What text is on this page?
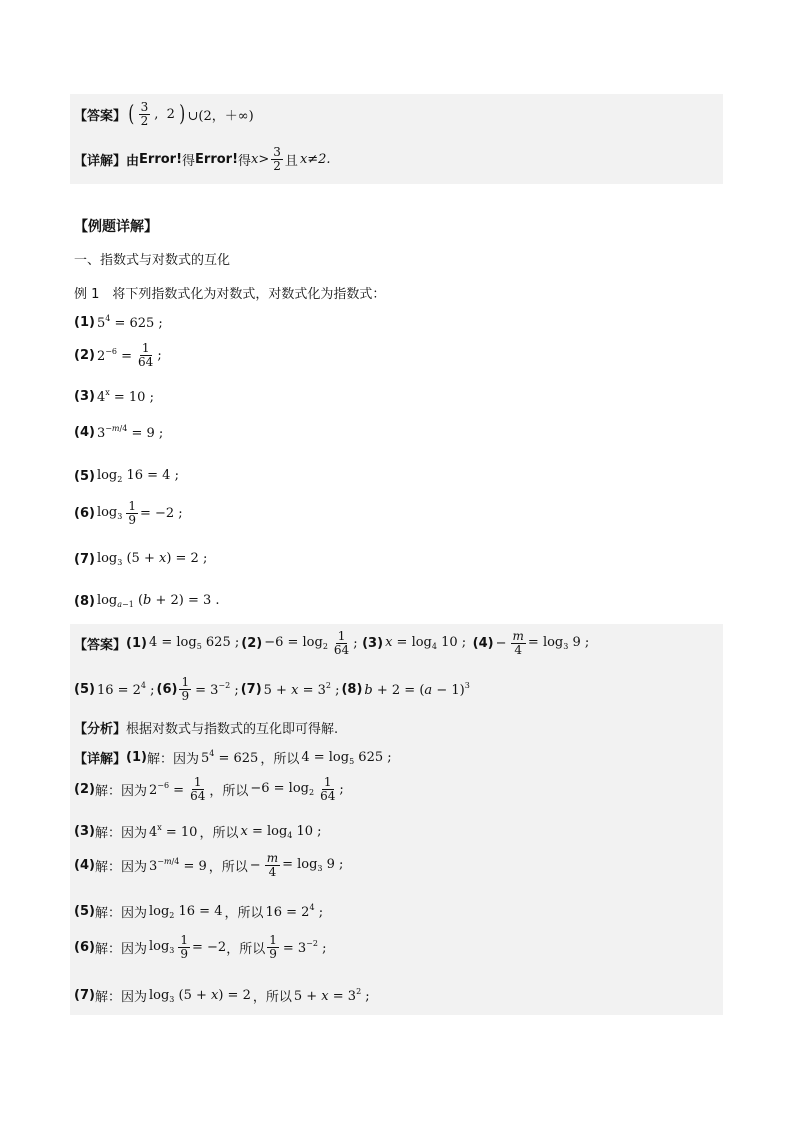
【答案】 ( $\frac{3}{2}$ ,  2 ) ∪(2，＋∞)
【详解】 由 Error! 得 Error! 得 $x > \frac{3}{2}$ 且 x≠2.
【例题详解】
一、指数式与对数式的互化
例 1　将下列指数式化为对数式，对数式化为指数式：
(1) $5^4 = 625$ ;
(2) $2^{-6} = \frac{1}{64}$ ;
(3) $4^x = 10$ ;
(4) $3^{-m/4} = 9$ ;
(5) $\log_2 16 = 4$ ;
(6) $\log_3 \frac{1}{9} = -2$ ;
(7) $\log_3 (5 + x) = 2$ ;
(8) $\log_{a-1} (b + 2) = 3$ .
【答案】 (1) $4 = \log_5 625$ ; $(2) -6 = \log_2 \frac{1}{64}$ ; (3) $x = \log_4 10$ ; $(4) - \frac{m}{4} = \log_3 9$ ;
(5) $16 = 2^4$ ; $(6) \frac{1}{9} = 3^{-2}$ ; (7) $5 + x = 3^2$ ; (8) $b + 2 = (a - 1)^3$
【分析】 根据对数式与指数式的互化即可得解.
【详解】 (1) 解：因为 $5^4 = 625$ ，所以 $4 = \log_5 625$ ;
(2) 解：因为 $2^{-6} = \frac{1}{64}$ ，所以 $-6 = \log_2 \frac{1}{64}$ ;
(3) 解：因为 $4^x = 10$ ，所以 $x = \log_4 10$ ;
(4) 解：因为 $3^{-m/4} = 9$ ，所以 − $\frac{m}{4} = \log_3 9$ ;
(5) 解：因为 $\log_2 16 = 4$ ，所以 $16 = 2^4$ ;
(6) 解：因为 $\log_3 \frac{1}{9} = -2$ ，所以 $\frac{1}{9} = 3^{-2}$ ;
(7) 解：因为 $\log_3 (5 + x) = 2$ ，所以 $5 + x = 3^2$ ;
